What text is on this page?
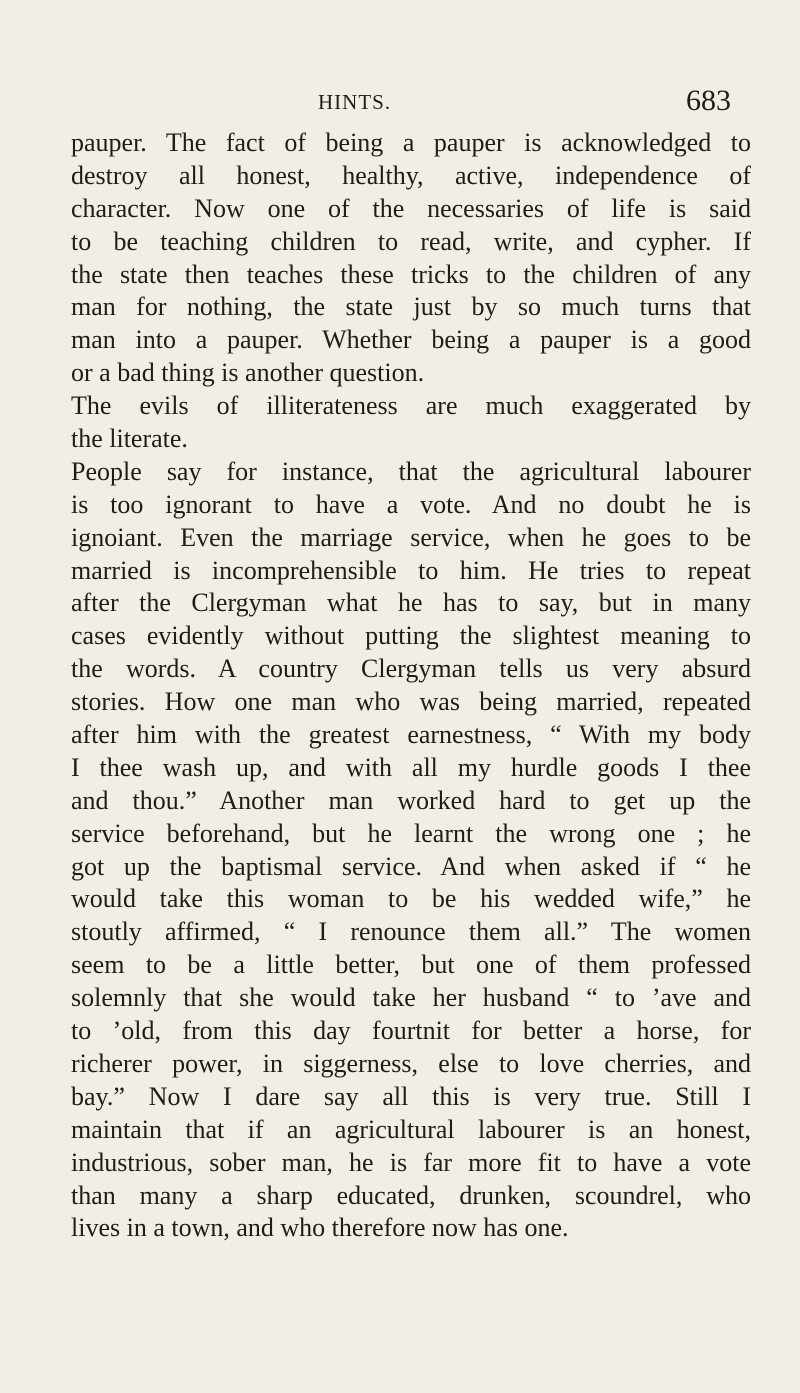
HINTS.	683
pauper. The fact of being a pauper is acknowledged to
destroy all honest, healthy, active, independence of
character. Now one of the necessaries of life is said
to be teaching children to read, write, and cypher. If
the state then teaches these tricks to the children of any
man for nothing, the state just by so much turns that
man into a pauper. Whether being a pauper is a good
or a bad thing is another question.
The evils of illiterateness are much exaggerated by
the literate.
People say for instance, that the agricultural labourer
is too ignorant to have a vote. And no doubt he is
ignoiant. Even the marriage service, when he goes to be
married is incomprehensible to him. He tries to repeat
after the Clergyman what he has to say, but in many
cases evidently without putting the slightest meaning to
the words. A country Clergyman tells us very absurd
stories. How one man who was being married, repeated
after him with the greatest earnestness, “ With my body
I thee wash up, and with all my hurdle goods I thee
and thou.” Another man worked hard to get up the
service beforehand, but he learnt the wrong one ; he
got up the baptismal service. And when asked if “ he
would take this woman to be his wedded wife,” he
stoutly affirmed, “ I renounce them all.” The women
seem to be a little better, but one of them professed
solemnly that she would take her husband “ to ’ave and
to ’old, from this day fourtnit for better a horse, for
richerer power, in siggerness, else to love cherries, and
bay.” Now I dare say all this is very true. Still I
maintain that if an agricultural labourer is an honest,
industrious, sober man, he is far more fit to have a vote
than many a sharp educated, drunken, scoundrel, who
lives in a town, and who therefore now has one.
